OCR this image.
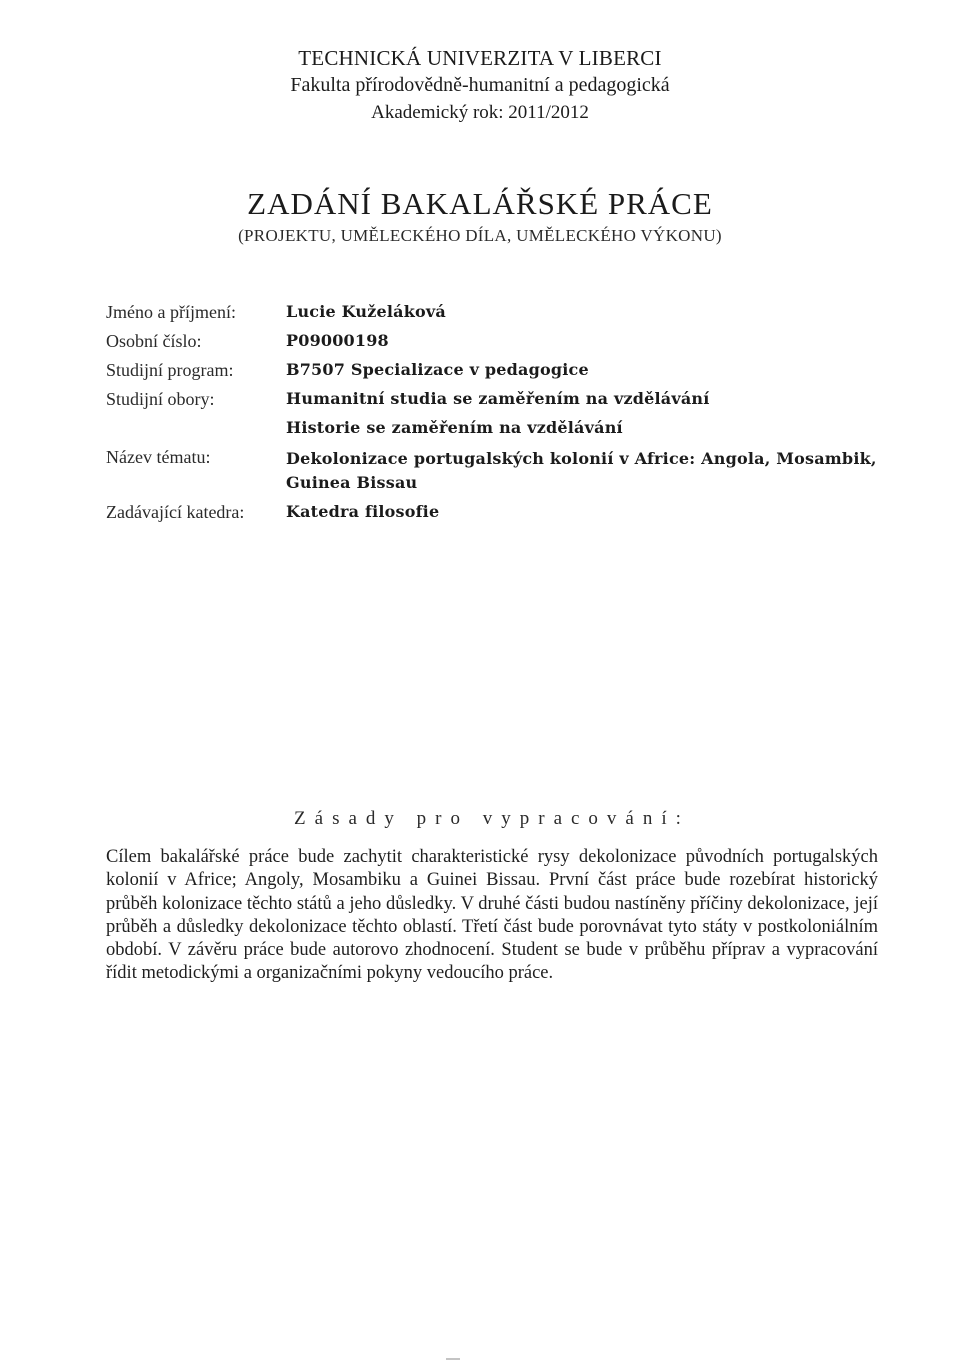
TECHNICKÁ UNIVERZITA V LIBERCI
Fakulta přírodovědně-humanitní a pedagogická
Akademický rok: 2011/2012
ZADÁNÍ BAKALÁŘSKÉ PRÁCE
(PROJEKTU, UMĚLECKÉHO DÍLA, UMĚLECKÉHO VÝKONU)
Jméno a příjmení:	Lucie Kuželáková
Osobní číslo:	P09000198
Studijní program:	B7507 Specializace v pedagogice
Studijní obory:	Humanitní studia se zaměřením na vzdělávání
Historie se zaměřením na vzdělávání
Název tématu:	Dekolonizace portugalských kolonií v Africe: Angola, Mosambik, Guinea Bissau
Zadávající katedra:	Katedra filosofie
Zásady pro vypracování:

Cílem bakalářské práce bude zachytit charakteristické rysy dekolonizace původních portugalských kolonií v Africe; Angoly, Mosambiku a Guinei Bissau. První část práce bude rozebírat historický průběh kolonizace těchto států a jeho důsledky. V druhé části budou nastíněny příčiny dekolonizace, její průběh a důsledky dekolonizace těchto oblastí. Třetí část bude porovnávat tyto státy v postkoloniálním období. V závěru práce bude autorovo zhodnocení. Student se bude v průběhu příprav a vypracování řídit metodickými a organizačními pokyny vedoucího práce.
